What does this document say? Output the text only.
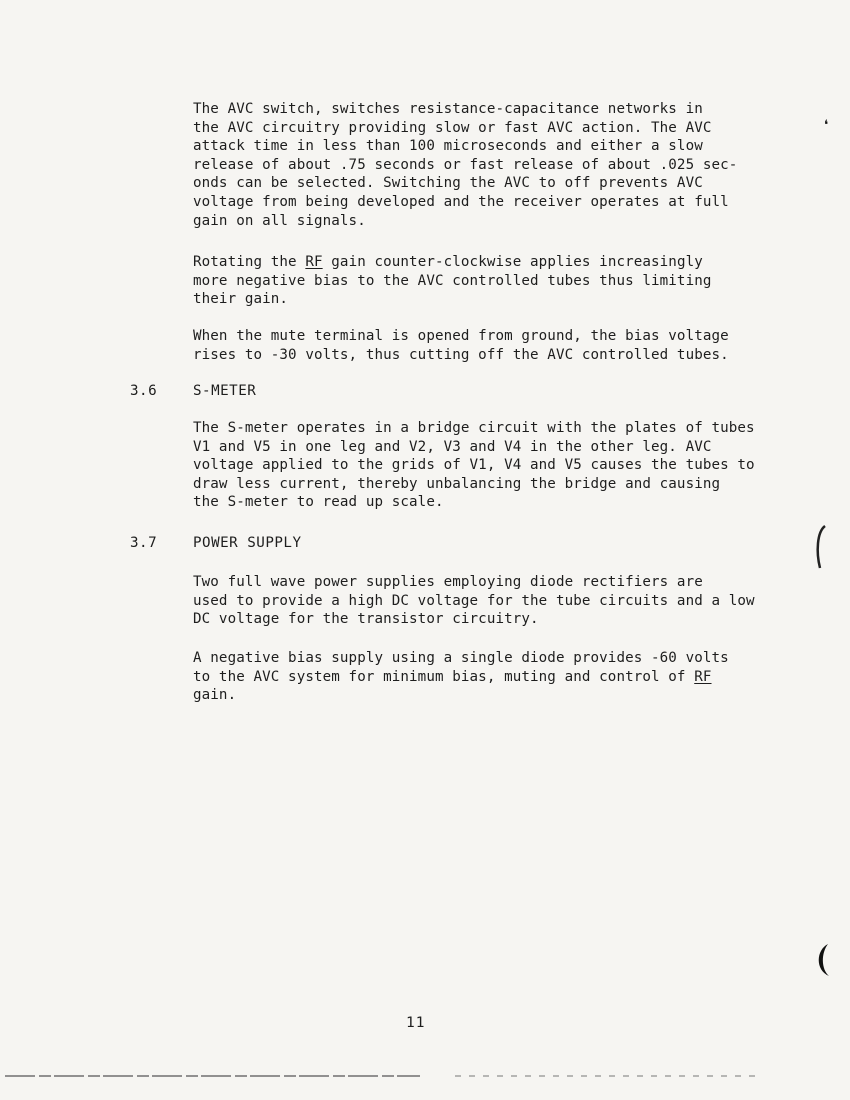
The AVC switch, switches resistance-capacitance networks in
the AVC circuitry providing slow or fast AVC action. The AVC
attack time in less than 100 microseconds and either a slow
release of about .75 seconds or fast release of about .025 sec-
onds can be selected. Switching the AVC to off prevents AVC
voltage from being developed and the receiver operates at full
gain on all signals.
Rotating the RF gain counter-clockwise applies increasingly
more negative bias to the AVC controlled tubes thus limiting
their gain.
When the mute terminal is opened from ground, the bias voltage
rises to -30 volts, thus cutting off the AVC controlled tubes.
3.6	S-METER
The S-meter operates in a bridge circuit with the plates of tubes
V1 and V5 in one leg and V2, V3 and V4 in the other leg. AVC
voltage applied to the grids of V1, V4 and V5 causes the tubes to
draw less current, thereby unbalancing the bridge and causing
the S-meter to read up scale.
3.7	POWER SUPPLY
Two full wave power supplies employing diode rectifiers are
used to provide a high DC voltage for the tube circuits and a low
DC voltage for the transistor circuitry.
A negative bias supply using a single diode provides -60 volts
to the AVC system for minimum bias, muting and control of RF
gain.
11
❛
